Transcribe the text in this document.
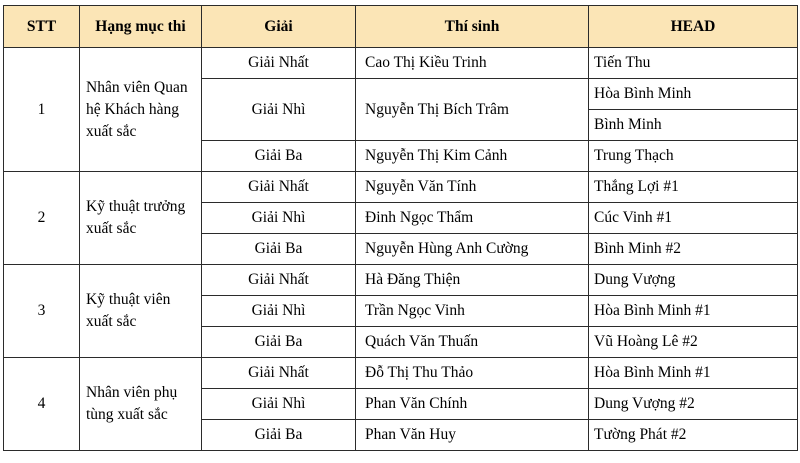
STT	Hạng mục thi	Giải	Thí sinh	HEAD
1	Nhân viên Quan hệ Khách hàng xuất sắc	Giải Nhất	Cao Thị Kiều Trinh	Tiến Thu
		Giải Nhì	Nguyễn Thị Bích Trâm	Hòa Bình Minh
				Bình Minh
		Giải Ba	Nguyễn Thị Kim Cảnh	Trung Thạch
2	Kỹ thuật trưởng xuất sắc	Giải Nhất	Nguyễn Văn Tính	Thắng Lợi #1
		Giải Nhì	Đinh Ngọc Thẩm	Cúc Vinh #1
		Giải Ba	Nguyễn Hùng Anh Cường	Bình Minh #2
3	Kỹ thuật viên xuất sắc	Giải Nhất	Hà Đăng Thiện	Dung Vượng
		Giải Nhì	Trần Ngọc Vinh	Hòa Bình Minh #1
		Giải Ba	Quách Văn Thuấn	Vũ Hoàng Lê #2
4	Nhân viên phụ tùng xuất sắc	Giải Nhất	Đỗ Thị Thu Thảo	Hòa Bình Minh #1
		Giải Nhì	Phan Văn Chính	Dung Vượng #2
		Giải Ba	Phan Văn Huy	Tường Phát #2
